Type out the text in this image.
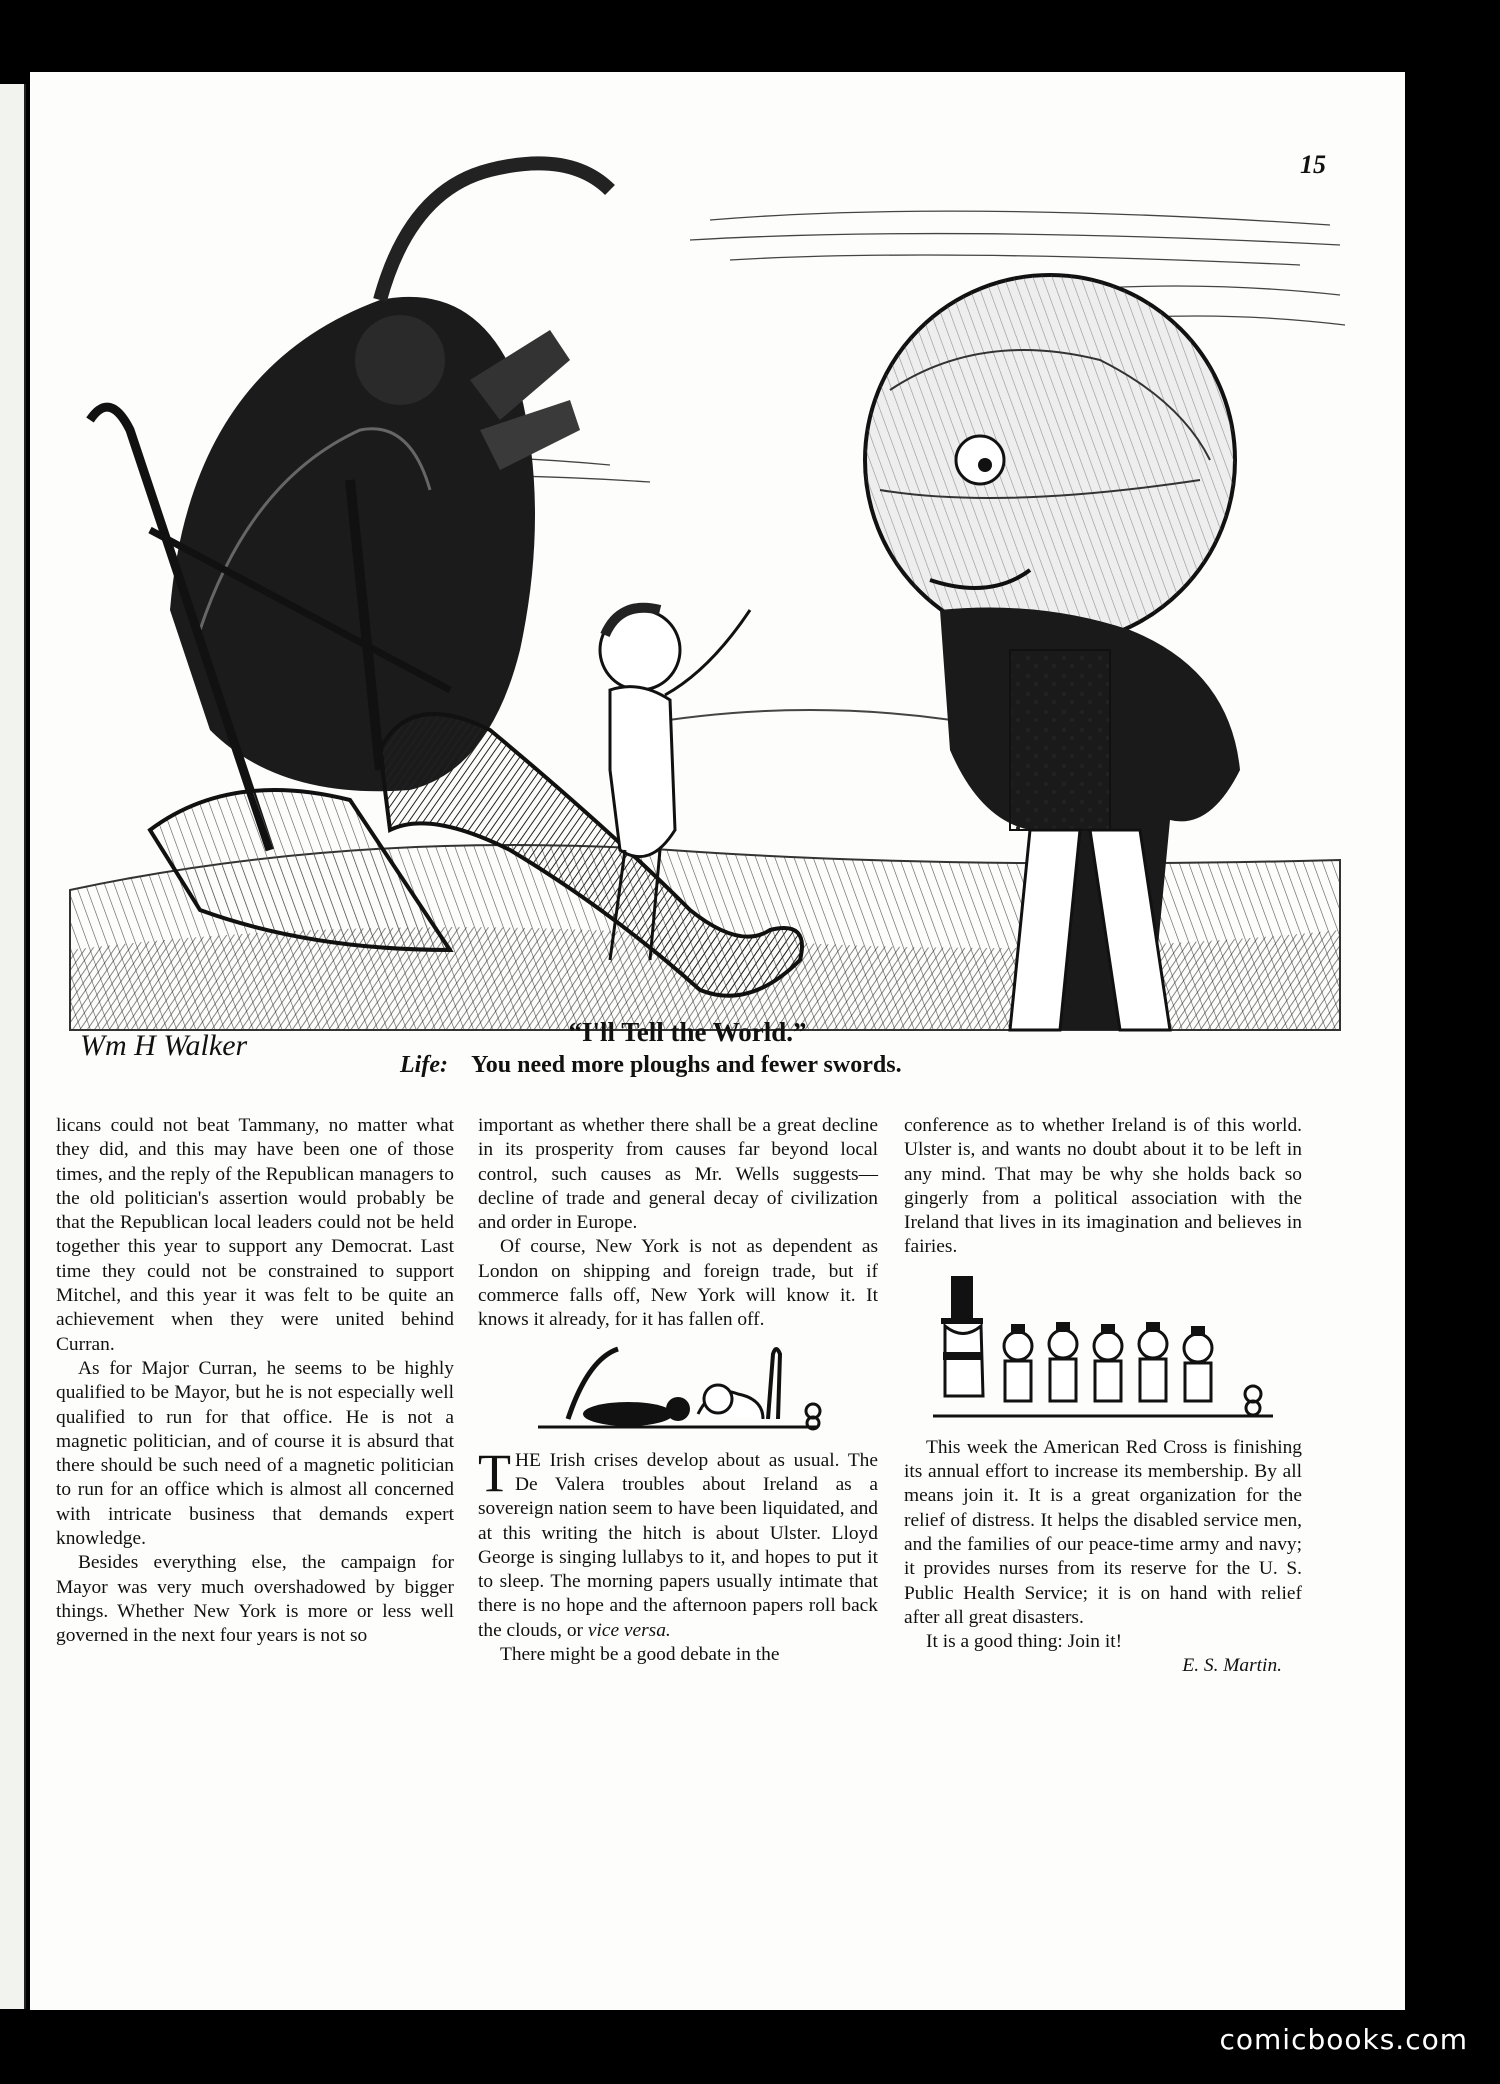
15
Wm H Walker	“I'll Tell the World.”
Life: You need more ploughs and fewer swords.

licans could not beat Tammany, no matter what they did, and this may have been one of those times, and the reply of the Republican managers to the old politician's assertion would probably be that the Republican local leaders could not be held together this year to support any Democrat. Last time they could not be constrained to support Mitchel, and this year it was felt to be quite an achievement when they were united behind Curran.

As for Major Curran, he seems to be highly qualified to be Mayor, but he is not especially well qualified to run for that office. He is not a magnetic politician, and of course it is absurd that there should be such need of a magnetic politician to run for an office which is almost all concerned with intricate business that demands expert knowledge.

Besides everything else, the campaign for Mayor was very much overshadowed by bigger things. Whether New York is more or less well governed in the next four years is not so

important as whether there shall be a great decline in its prosperity from causes far beyond local control, such causes as Mr. Wells suggests—decline of trade and general decay of civilization and order in Europe.

Of course, New York is not as dependent as London on shipping and foreign trade, but if commerce falls off, New York will know it. It knows it already, for it has fallen off.

THE Irish crises develop about as usual. The De Valera troubles about Ireland as a sovereign nation seem to have been liquidated, and at this writing the hitch is about Ulster. Lloyd George is singing lullabys to it, and hopes to put it to sleep. The morning papers usually intimate that there is no hope and the afternoon papers roll back the clouds, or vice versa.

There might be a good debate in the

conference as to whether Ireland is of this world. Ulster is, and wants no doubt about it to be left in any mind. That may be why she holds back so gingerly from a political association with the Ireland that lives in its imagination and believes in fairies.

This week the American Red Cross is finishing its annual effort to increase its membership. By all means join it. It is a great organization for the relief of distress. It helps the disabled service men, and the families of our peace-time army and navy; it provides nurses from its reserve for the U. S. Public Health Service; it is on hand with relief after all great disasters.

It is a good thing: Join it!

E. S. Martin.

comicbooks.com
